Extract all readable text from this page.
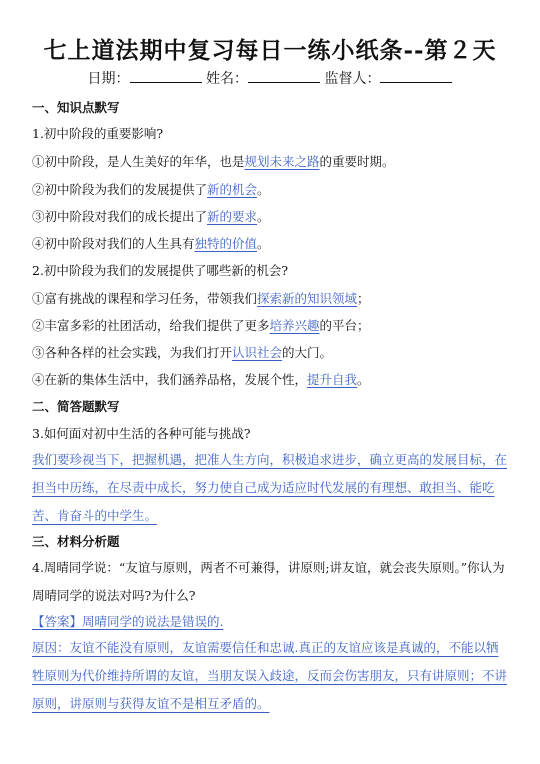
七上道法期中复习每日一练小纸条--第２天
日期：	姓名：	监督人：
一、知识点默写
1.初中阶段的重要影响?
①初中阶段，是人生美好的年华，也是规划未来之路的重要时期。
②初中阶段为我们的发展提供了新的机会。
③初中阶段对我们的成长提出了新的要求。
④初中阶段对我们的人生具有独特的价值。
2.初中阶段为我们的发展提供了哪些新的机会?
①富有挑战的课程和学习任务，带领我们探索新的知识领域；
②丰富多彩的社团活动，给我们提供了更多培养兴趣的平台；
③各种各样的社会实践，为我们打开认识社会的大门。
④在新的集体生活中，我们涵养品格，发展个性，提升自我。
二、简答题默写
3.如何面对初中生活的各种可能与挑战?
我们要珍视当下，把握机遇，把准人生方向，积极追求进步，确立更高的发展目标，在担当中历练，在尽责中成长，努力使自己成为适应时代发展的有理想、敢担当、能吃苦、肯奋斗的中学生。
三、材料分析题
4.周晴同学说：“友谊与原则，两者不可兼得，讲原则;讲友谊，就会丧失原则。”你认为周晴同学的说法对吗?为什么?
【答案】周晴同学的说法是错误的.
原因：友谊不能没有原则，友谊需要信任和忠诚.真正的友谊应该是真诚的，不能以牺牲原则为代价维持所谓的友谊，当朋友误入歧途，反而会伤害朋友，只有讲原则；不讲原则，讲原则与获得友谊不是相互矛盾的。
